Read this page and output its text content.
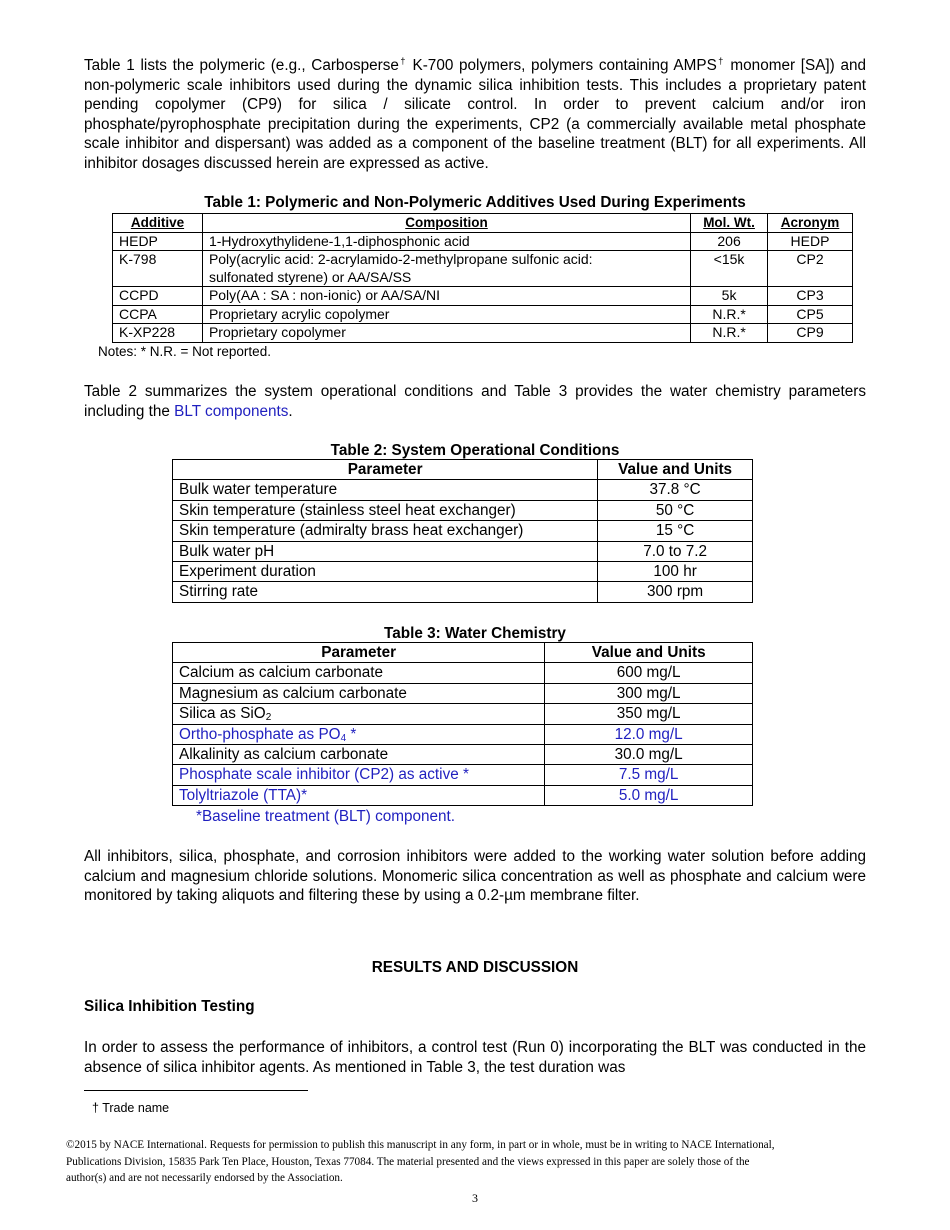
Table 1 lists the polymeric (e.g., Carbosperse† K-700 polymers, polymers containing AMPS† monomer [SA]) and non-polymeric scale inhibitors used during the dynamic silica inhibition tests. This includes a proprietary patent pending copolymer (CP9) for silica / silicate control. In order to prevent calcium and/or iron phosphate/pyrophosphate precipitation during the experiments, CP2 (a commercially available metal phosphate scale inhibitor and dispersant) was added as a component of the baseline treatment (BLT) for all experiments. All inhibitor dosages discussed herein are expressed as active.

Table 1: Polymeric and Non-Polymeric Additives Used During Experiments

Additive	Composition	Mol. Wt.	Acronym
HEDP	1-Hydroxythylidene-1,1-diphosphonic acid	206	HEDP
K-798	Poly(acrylic acid: 2-acrylamido-2-methylpropane sulfonic acid: sulfonated styrene) or AA/SA/SS	<15k	CP2
CCPD	Poly(AA : SA : non-ionic) or AA/SA/NI	5k	CP3
CCPA	Proprietary acrylic copolymer	N.R.*	CP5
K-XP228	Proprietary copolymer	N.R.*	CP9

Notes: * N.R. = Not reported.

Table 2 summarizes the system operational conditions and Table 3 provides the water chemistry parameters including the BLT components.

Table 2: System Operational Conditions

Parameter	Value and Units
Bulk water temperature	37.8 °C
Skin temperature (stainless steel heat exchanger)	50 °C
Skin temperature (admiralty brass heat exchanger)	15 °C
Bulk water pH	7.0 to 7.2
Experiment duration	100 hr
Stirring rate	300 rpm

Table 3: Water Chemistry

Parameter	Value and Units
Calcium as calcium carbonate	600 mg/L
Magnesium as calcium carbonate	300 mg/L
Silica as SiO$_2$	350 mg/L
Ortho-phosphate as $PO_4$ *	12.0 mg/L
Alkalinity as calcium carbonate	30.0 mg/L
Phosphate scale inhibitor (CP2) as active *	7.5 mg/L
Tolyltriazole (TTA)*	5.0 mg/L

*Baseline treatment (BLT) component.

All inhibitors, silica, phosphate, and corrosion inhibitors were added to the working water solution before adding calcium and magnesium chloride solutions. Monomeric silica concentration as well as phosphate and calcium were monitored by taking aliquots and filtering these by using a 0.2-µm membrane filter.

RESULTS AND DISCUSSION

Silica Inhibition Testing

In order to assess the performance of inhibitors, a control test (Run 0) incorporating the BLT was conducted in the absence of silica inhibitor agents. As mentioned in Table 3, the test duration was

† Trade name

©2015 by NACE International. Requests for permission to publish this manuscript in any form, in part or in whole, must be in writing to NACE International, Publications Division, 15835 Park Ten Place, Houston, Texas 77084. The material presented and the views expressed in this paper are solely those of the author(s) and are not necessarily endorsed by the Association.

3
